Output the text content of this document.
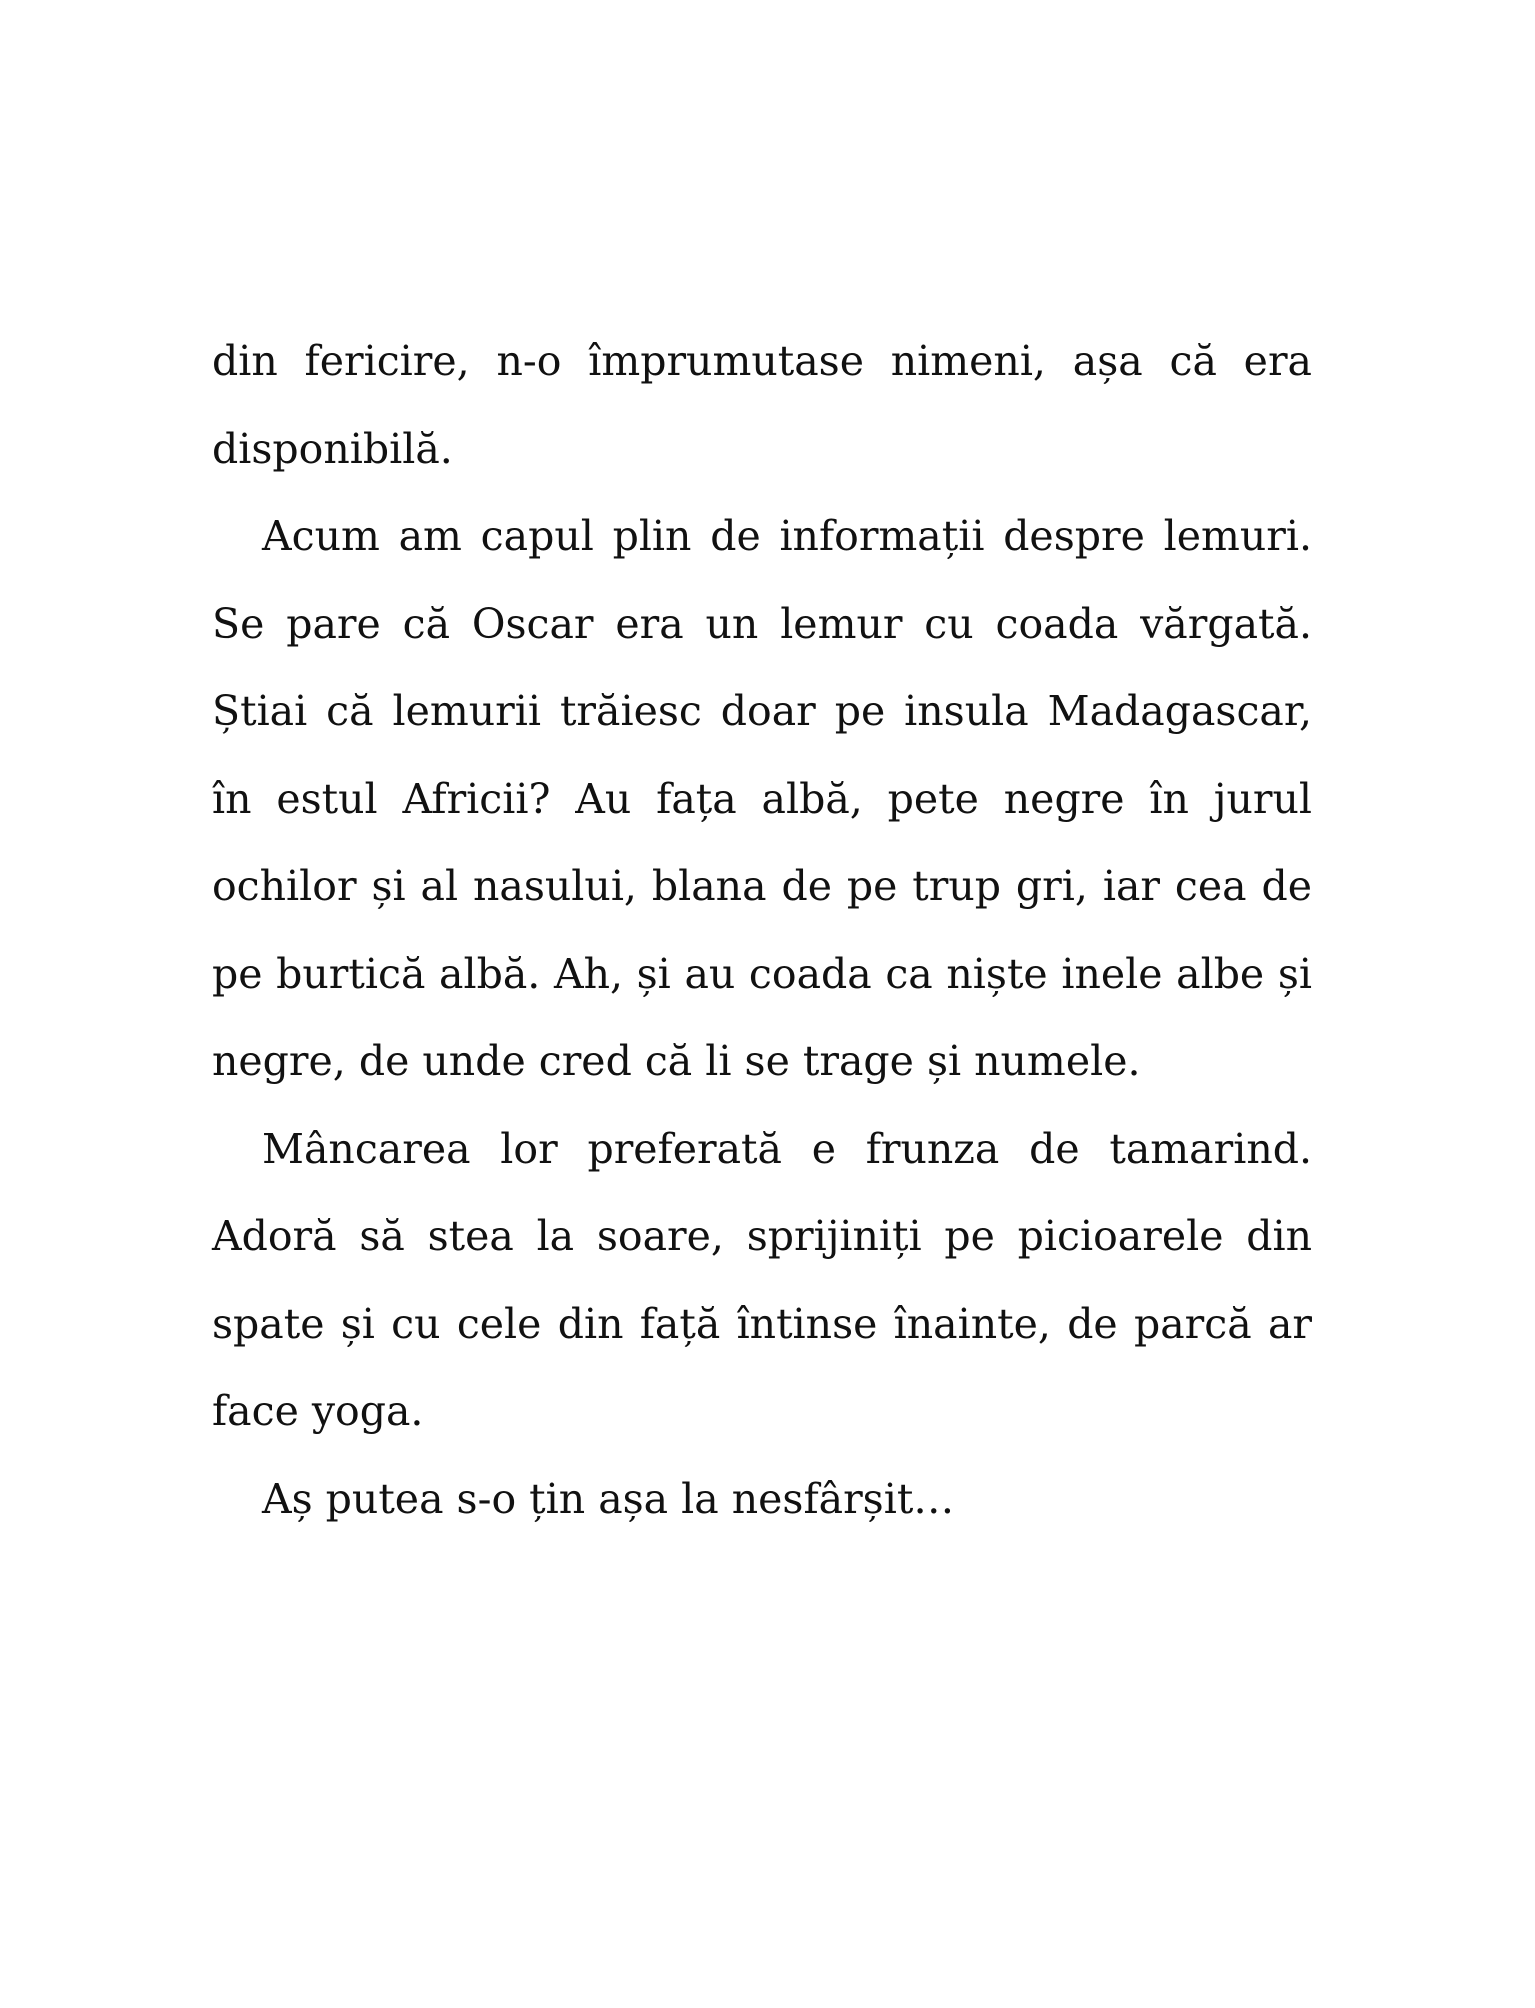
din fericire, n-o împrumutase nimeni, așa că era disponibilă.

Acum am capul plin de informații despre lemuri. Se pare că Oscar era un lemur cu coada vărgată. Știai că lemurii trăiesc doar pe insula Madagascar, în estul Africii? Au fața albă, pete negre în jurul ochilor și al nasului, blana de pe trup gri, iar cea de pe burtică albă. Ah, și au coada ca niște inele albe și negre, de unde cred că li se trage și numele.

Mâncarea lor preferată e frunza de tamarind. Adoră să stea la soare, sprijiniți pe picioarele din spate și cu cele din față întinse înainte, de parcă ar face yoga.

Aș putea s-o țin așa la nesfârșit…
